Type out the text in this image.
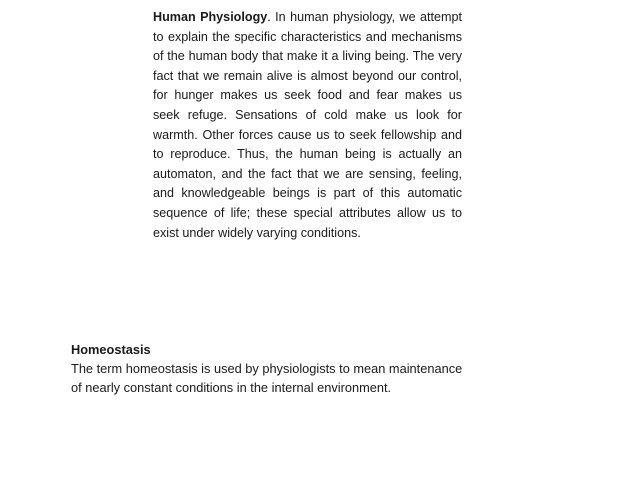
Human Physiology. In human physiology, we attempt to explain the specific characteristics and mechanisms of the human body that make it a living being. The very fact that we remain alive is almost beyond our control, for hunger makes us seek food and fear makes us seek refuge. Sensations of cold make us look for warmth. Other forces cause us to seek fellowship and to reproduce. Thus, the human being is actually an automaton, and the fact that we are sensing, feeling, and knowledgeable beings is part of this automatic sequence of life; these special attributes allow us to exist under widely varying conditions.
Homeostasis
The term homeostasis is used by physiologists to mean maintenance
of nearly constant conditions in the internal environment.
